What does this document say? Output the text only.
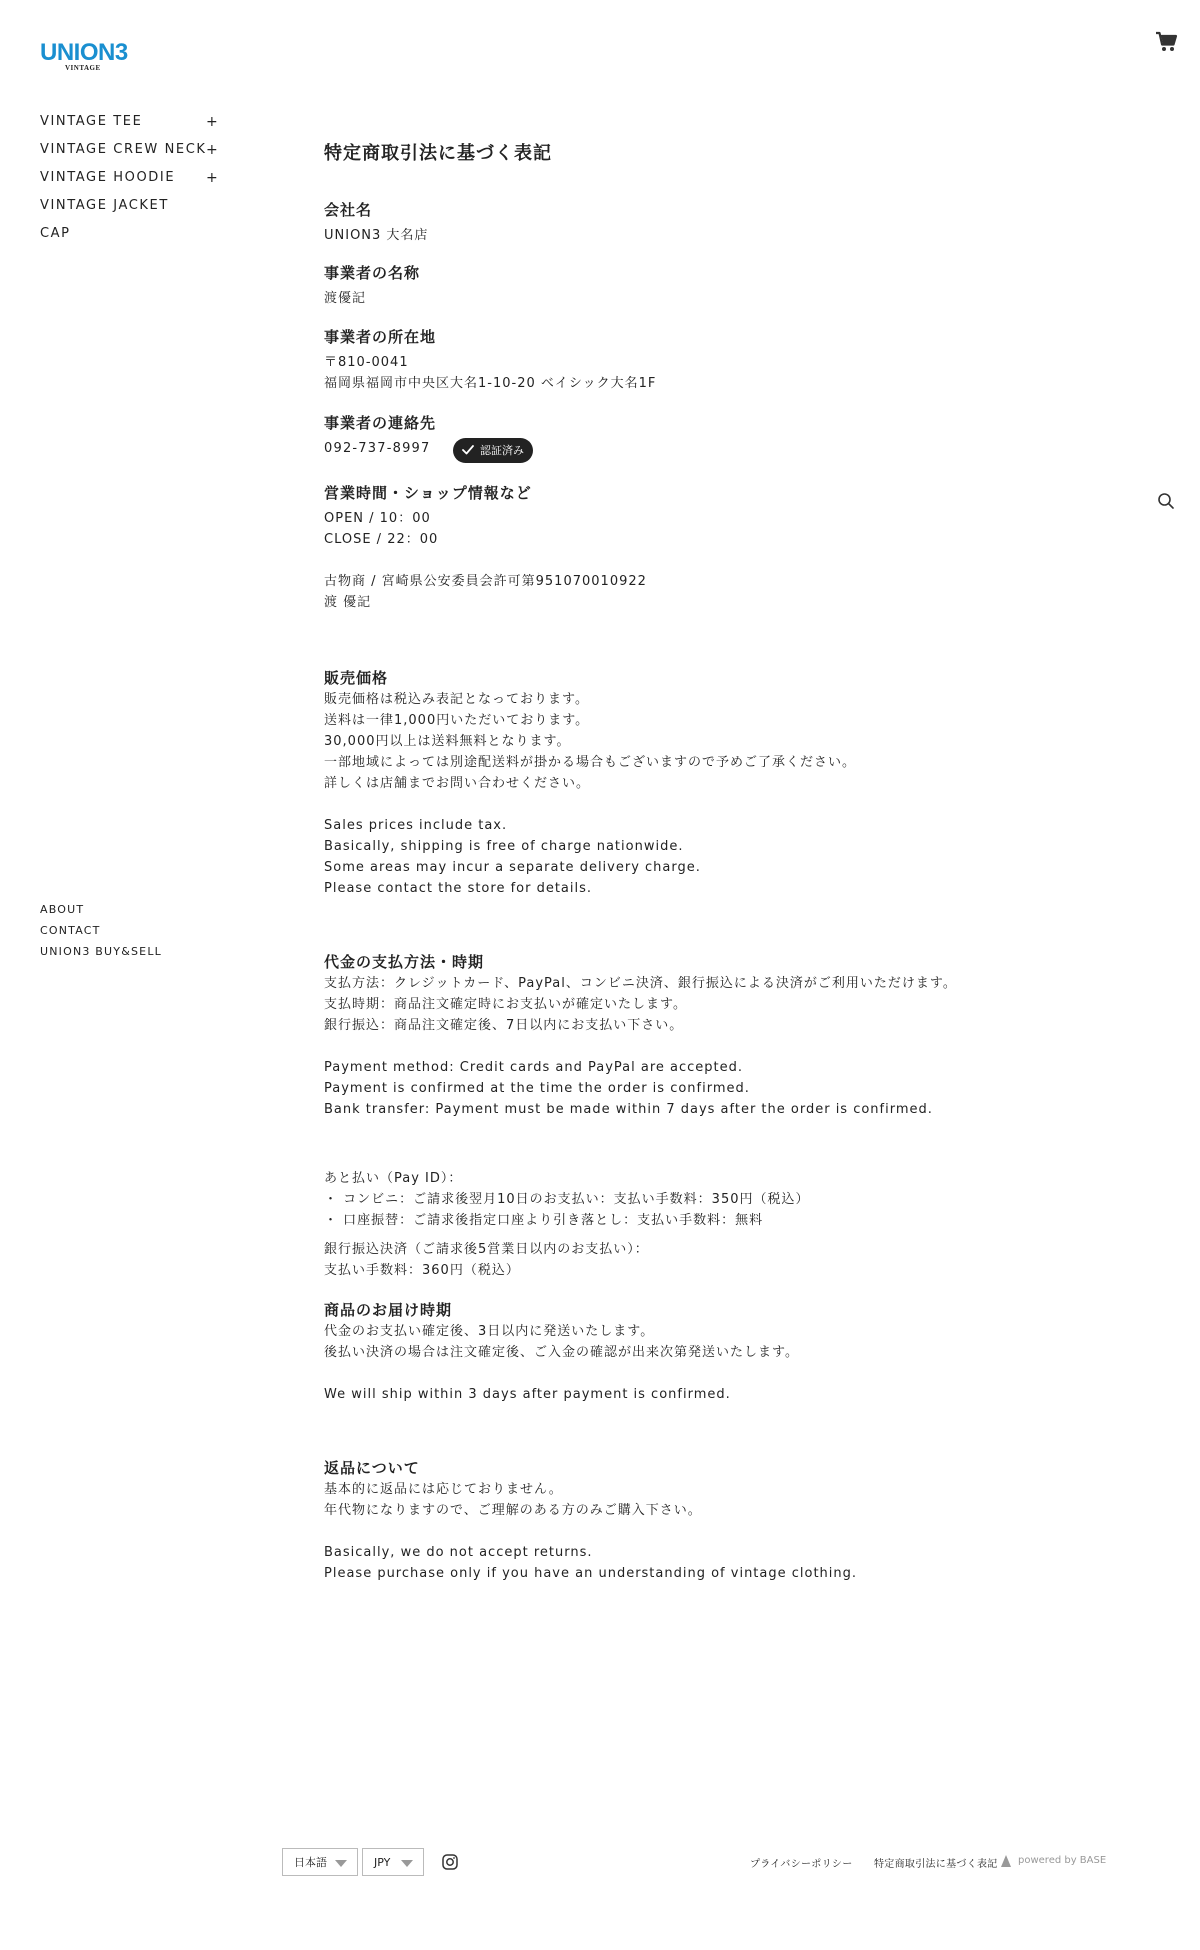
UNION3
VINTAGE
VINTAGE TEE	+
VINTAGE CREW NECK +
VINTAGE HOODIE +
VINTAGE JACKET
CAP
ABOUT
CONTACT
UNION3 BUY&SELL
特定商取引法に基づく表記
会社名

UNION3 大名店

事業者の名称

渡優記

事業者の所在地

〒810-0041
福岡県福岡市中央区大名1-10-20 ベイシック大名1F

事業者の連絡先
092-737-8997	認証済み
営業時間・ショップ情報など

OPEN / 10：00
CLOSE / 22：00

古物商 / 宮崎県公安委員会許可第951070010922
渡 優記

販売価格

販売価格は税込み表記となっております。
送料は一律1,000円いただいております。
30,000円以上は送料無料となります。
一部地域によっては別途配送料が掛かる場合もございますので予めご了承ください。
詳しくは店舗までお問い合わせください。

Sales prices include tax.
Basically, shipping is free of charge nationwide.
Some areas may incur a separate delivery charge.
Please contact the store for details.

代金の支払方法・時期

支払方法：クレジットカード、PayPal、コンビニ決済、銀行振込による決済がご利用いただけます。
支払時期：商品注文確定時にお支払いが確定いたします。
銀行振込：商品注文確定後、7日以内にお支払い下さい。

Payment method: Credit cards and PayPal are accepted.
Payment is confirmed at the time the order is confirmed.
Bank transfer: Payment must be made within 7 days after the order is confirmed.

あと払い（Pay ID）：
・ コンビニ：ご請求後翌月10日のお支払い：支払い手数料：350円（税込）
・ 口座振替：ご請求後指定口座より引き落とし：支払い手数料：無料

銀行振込決済（ご請求後5営業日以内のお支払い）：
支払い手数料：360円（税込）

商品のお届け時期

代金のお支払い確定後、3日以内に発送いたします。
後払い決済の場合は注文確定後、ご入金の確認が出来次第発送いたします。

We will ship within 3 days after payment is confirmed.

返品について

基本的に返品には応じておりません。
年代物になりますので、ご理解のある方のみご購入下さい。

Basically, we do not accept returns.
Please purchase only if you have an understanding of vintage clothing.

日本語	JPY	プライバシーポリシー 特定商取引法に基づく表記 powered by BASE
